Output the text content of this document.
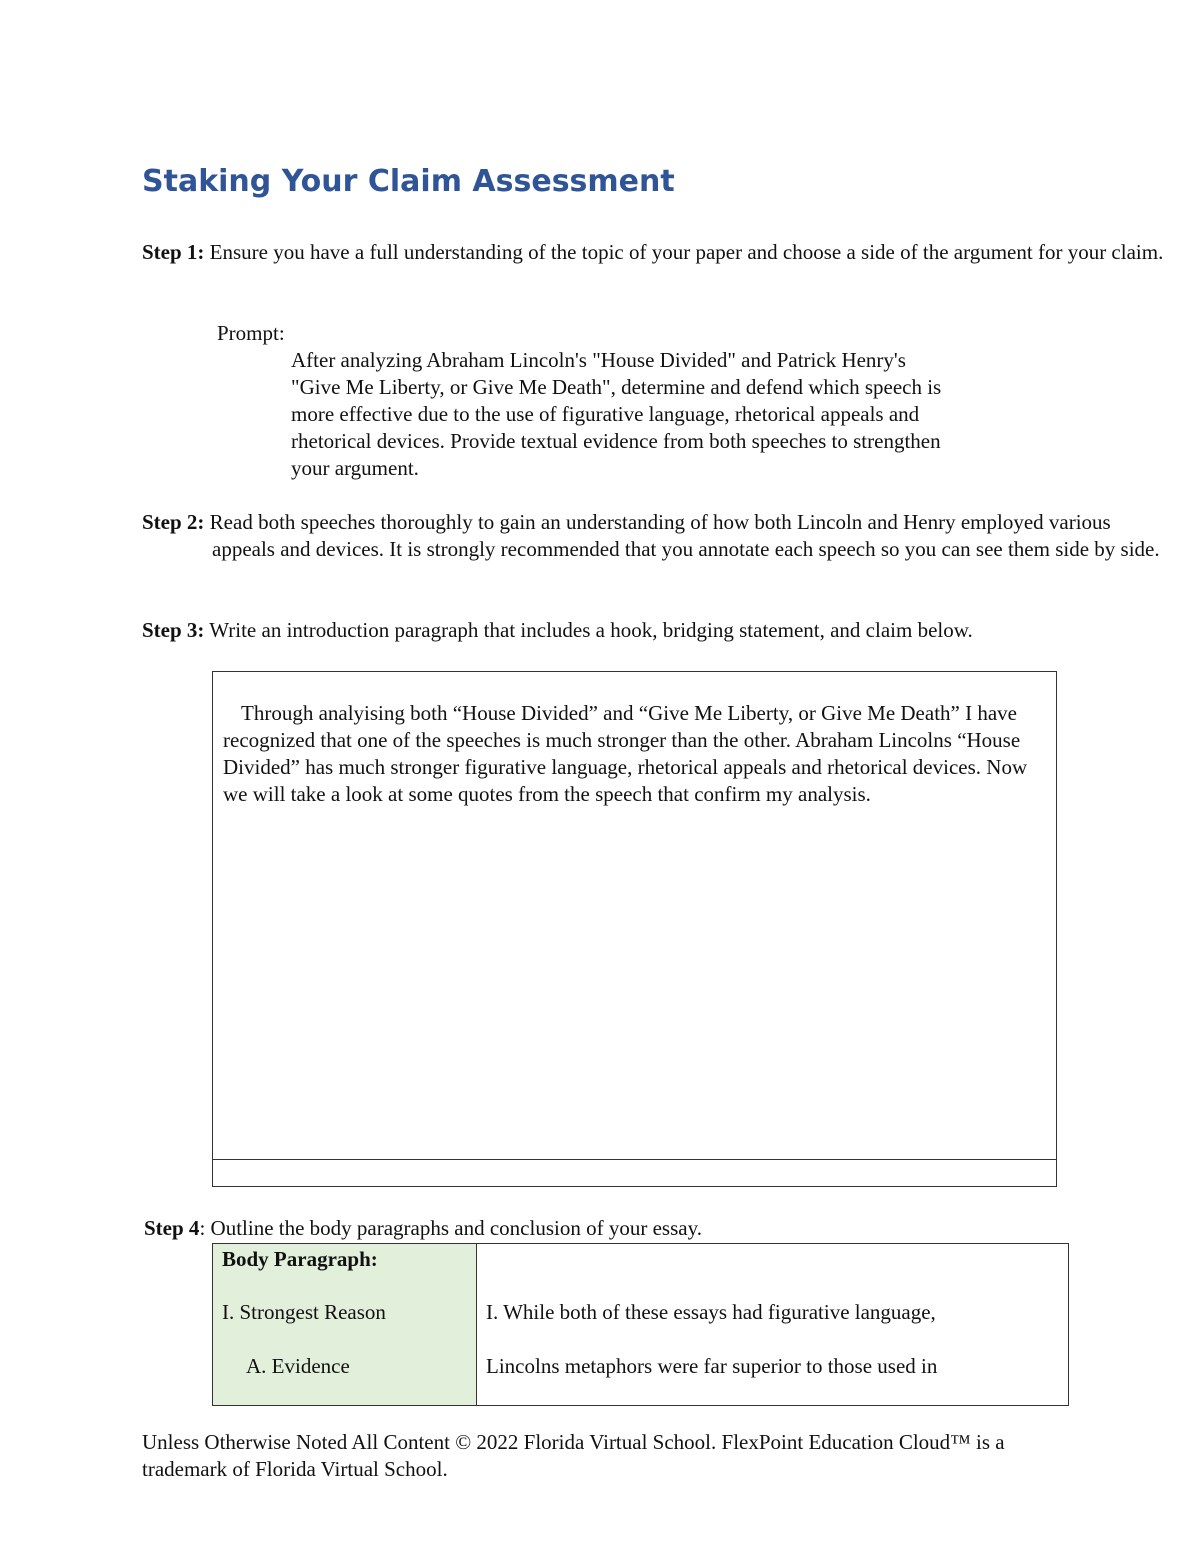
Staking Your Claim Assessment
Step 1: Ensure you have a full understanding of the topic of your paper and choose a side of the argument for your claim.
Prompt:
After analyzing Abraham Lincoln's "House Divided" and Patrick Henry's "Give Me Liberty, or Give Me Death", determine and defend which speech is more effective due to the use of figurative language, rhetorical appeals and rhetorical devices. Provide textual evidence from both speeches to strengthen your argument.
Step 2: Read both speeches thoroughly to gain an understanding of how both Lincoln and Henry employed various appeals and devices. It is strongly recommended that you annotate each speech so you can see them side by side.
Step 3: Write an introduction paragraph that includes a hook, bridging statement, and claim below.
Through analyising both “House Divided” and “Give Me Liberty, or Give Me Death” I have recognized that one of the speeches is much stronger than the other. Abraham Lincolns “House Divided” has much stronger figurative language, rhetorical appeals and rhetorical devices. Now we will take a look at some quotes from the speech that confirm my analysis.
Step 4: Outline the body paragraphs and conclusion of your essay.
Body Paragraph:
I. Strongest Reason
A. Evidence
I. While both of these essays had figurative language,
Lincolns metaphors were far superior to those used in
Unless Otherwise Noted All Content © 2022 Florida Virtual School. FlexPoint Education Cloud™ is a trademark of Florida Virtual School.
